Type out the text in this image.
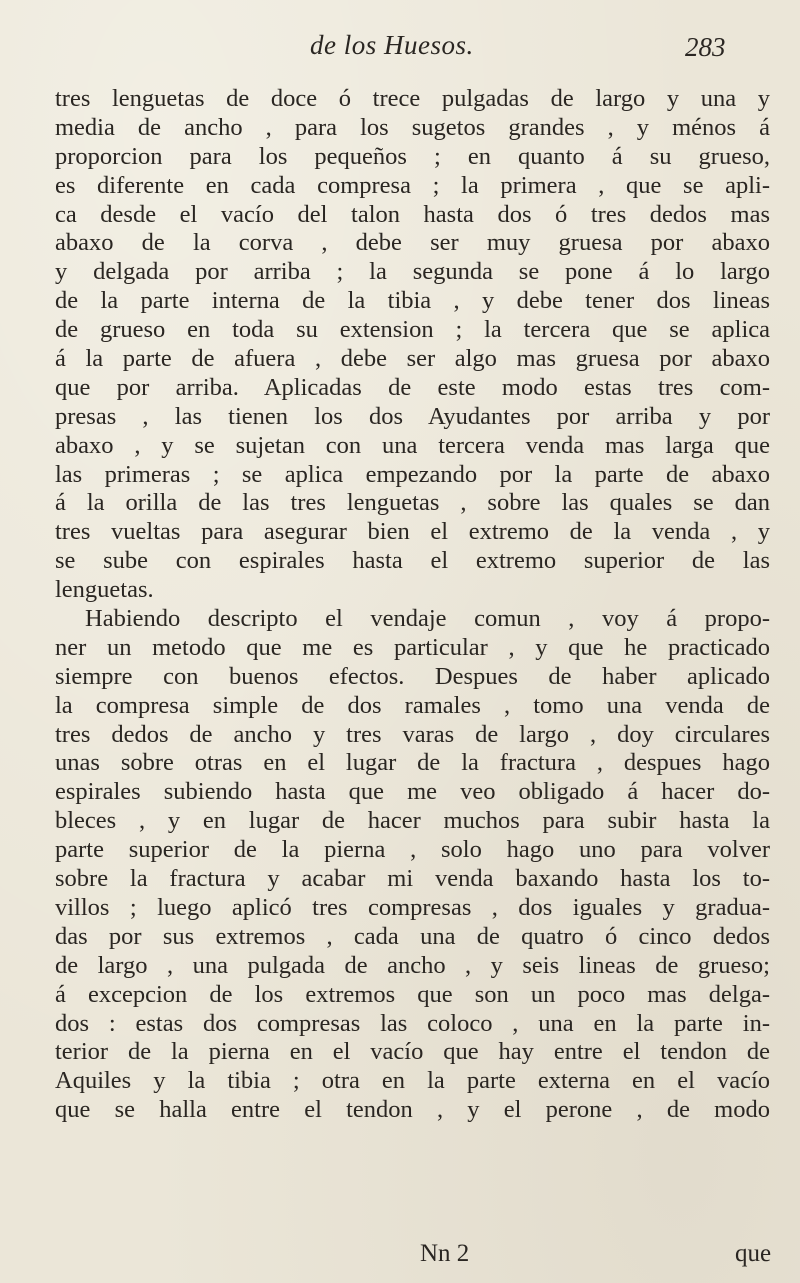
de los Huesos.	283
tres lenguetas de doce ó trece pulgadas de largo y una y
media de ancho , para los sugetos grandes , y ménos á
proporcion para los pequeños ; en quanto á su grueso,
es diferente en cada compresa ; la primera , que se apli-
ca desde el vacío del talon hasta dos ó tres dedos mas
abaxo de la corva , debe ser muy gruesa por abaxo
y delgada por arriba ; la segunda se pone á lo largo
de la parte interna de la tibia , y debe tener dos lineas
de grueso en toda su extension ; la tercera que se aplica
á la parte de afuera , debe ser algo mas gruesa por abaxo
que por arriba. Aplicadas de este modo estas tres com-
presas , las tienen los dos Ayudantes por arriba y por
abaxo , y se sujetan con una tercera venda mas larga que
las primeras ; se aplica empezando por la parte de abaxo
á la orilla de las tres lenguetas , sobre las quales se dan
tres vueltas para asegurar bien el extremo de la venda , y
se sube con espirales hasta el extremo superior de las
lenguetas.
Habiendo descripto el vendaje comun , voy á propo-
ner un metodo que me es particular , y que he practicado
siempre con buenos efectos. Despues de haber aplicado
la compresa simple de dos ramales , tomo una venda de
tres dedos de ancho y tres varas de largo , doy circulares
unas sobre otras en el lugar de la fractura , despues hago
espirales subiendo hasta que me veo obligado á hacer do-
bleces , y en lugar de hacer muchos para subir hasta la
parte superior de la pierna , solo hago uno para volver
sobre la fractura y acabar mi venda baxando hasta los to-
villos ; luego aplicó tres compresas , dos iguales y gradua-
das por sus extremos , cada una de quatro ó cinco dedos
de largo , una pulgada de ancho , y seis lineas de grueso;
á excepcion de los extremos que son un poco mas delga-
dos : estas dos compresas las coloco , una en la parte in-
terior de la pierna en el vacío que hay entre el tendon de
Aquiles y la tibia ; otra en la parte externa en el vacío
que se halla entre el tendon , y el perone , de modo
Nn 2	que
